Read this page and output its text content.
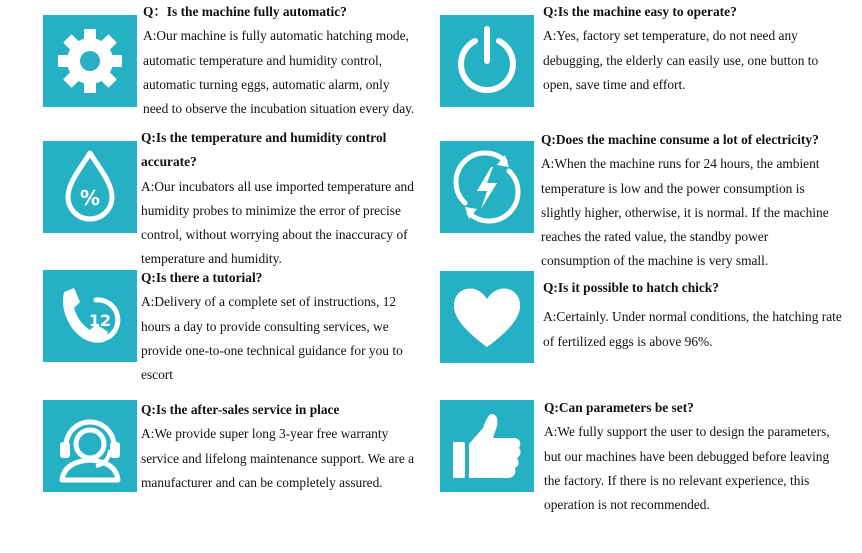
Q：Is the machine fully automatic?
A:Our machine is fully automatic hatching mode,
automatic temperature and humidity control,
automatic turning eggs, automatic alarm, only
need to observe the incubation situation every day.
%
Q:Is the temperature and humidity control
accurate?
A:Our incubators all use imported temperature and
humidity probes to minimize the error of precise
control, without worrying about the inaccuracy of
temperature and humidity.
12
Q:Is there a tutorial?
A:Delivery of a complete set of instructions, 12
hours a day to provide consulting services, we
provide one-to-one technical guidance for you to
escort
Q:Is the after-sales service in place
A:We provide super long 3-year free warranty
service and lifelong maintenance support. We are a
manufacturer and can be completely assured.
Q:Is the machine easy to operate?
A:Yes, factory set temperature, do not need any
debugging, the elderly can easily use, one button to
open, save time and effort.
Q:Does the machine consume a lot of electricity?
A:When the machine runs for 24 hours, the ambient
temperature is low and the power consumption is
slightly higher, otherwise, it is normal. If the machine
reaches the rated value, the standby power
consumption of the machine is very small.
Q:Is it possible to hatch chick?
A:Certainly. Under normal conditions, the hatching rate
of fertilized eggs is above 96%.
Q:Can parameters be set?
A:We fully support the user to design the parameters,
but our machines have been debugged before leaving
the factory. If there is no relevant experience, this
operation is not recommended.
